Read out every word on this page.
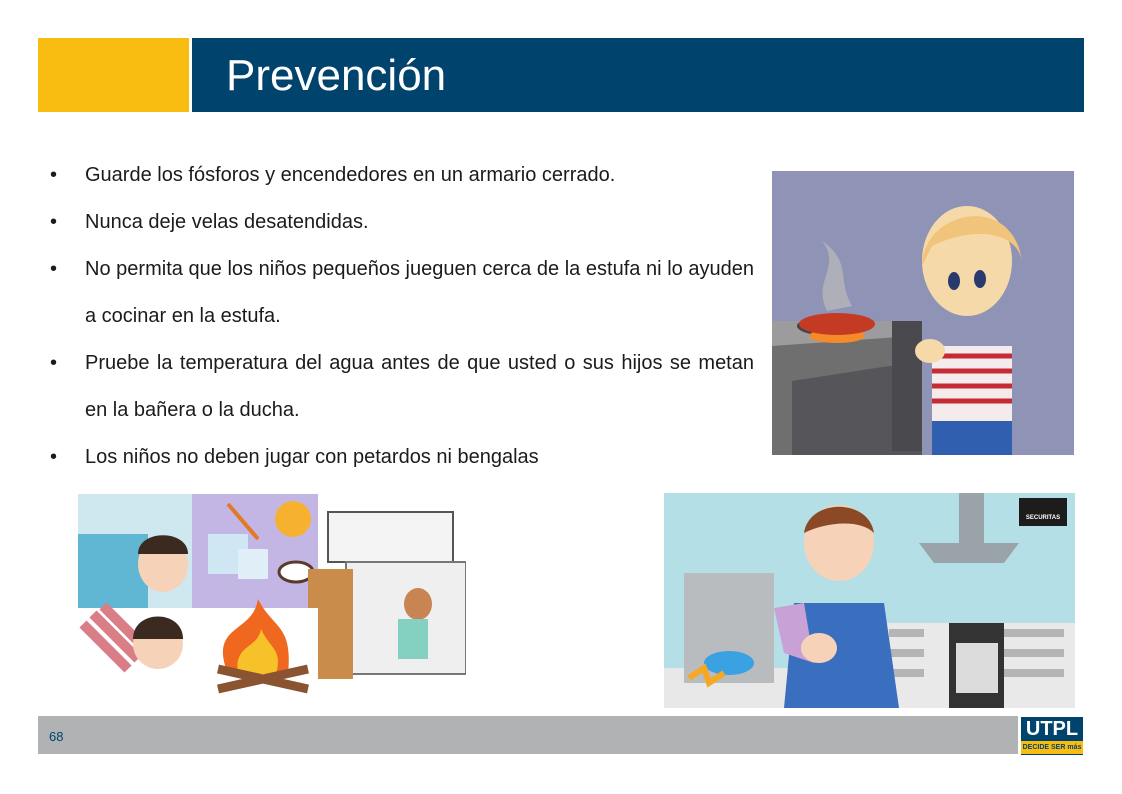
Prevención
• Guarde los fósforos y encendedores en un armario cerrado.
• Nunca deje velas desatendidas.
• No permita que los niños pequeños jueguen cerca de la estufa ni lo ayuden a cocinar en la estufa.
• Pruebe la temperatura del agua antes de que usted o sus hijos se metan en la bañera o la ducha.
• Los niños no deben jugar con petardos ni bengalas
SECURITAS
68	UTPL
DECIDE SER más
